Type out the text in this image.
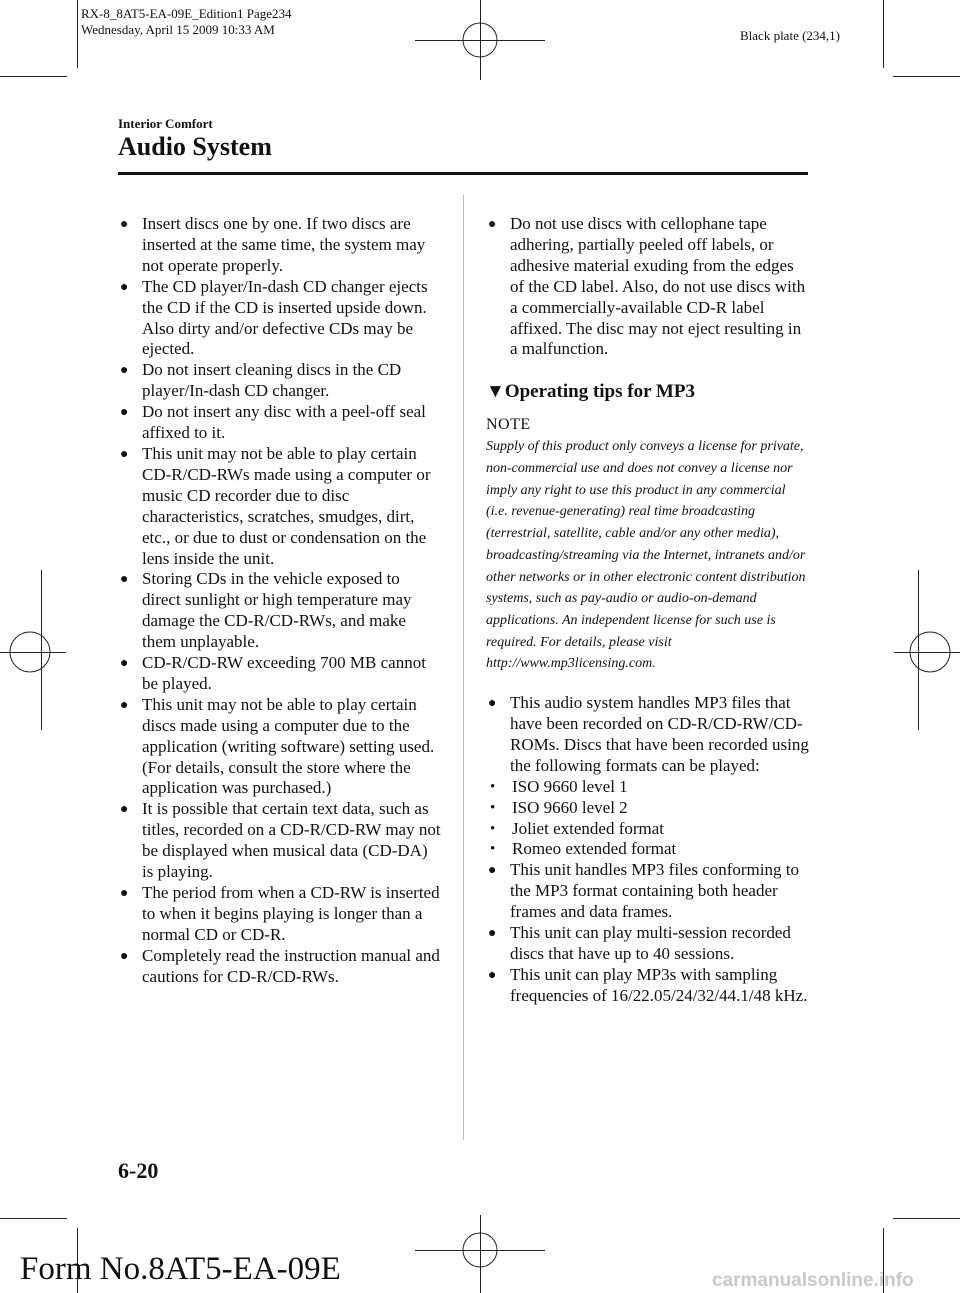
RX-8_8AT5-EA-09E_Edition1 Page234
Wednesday, April 15 2009 10:33 AM	Black plate (234,1)
Interior Comfort
Audio System
● Insert discs one by one. If two discs are inserted at the same time, the system may not operate properly.
● The CD player/In-dash CD changer ejects the CD if the CD is inserted upside down. Also dirty and/or defective CDs may be ejected.
● Do not insert cleaning discs in the CD player/In-dash CD changer.
● Do not insert any disc with a peel-off seal affixed to it.
● This unit may not be able to play certain CD-R/CD-RWs made using a computer or music CD recorder due to disc characteristics, scratches, smudges, dirt, etc., or due to dust or condensation on the lens inside the unit.
● Storing CDs in the vehicle exposed to direct sunlight or high temperature may damage the CD-R/CD-RWs, and make them unplayable.
● CD-R/CD-RW exceeding 700 MB cannot be played.
● This unit may not be able to play certain discs made using a computer due to the application (writing software) setting used. (For details, consult the store where the application was purchased.)
● It is possible that certain text data, such as titles, recorded on a CD-R/CD-RW may not be displayed when musical data (CD-DA) is playing.
● The period from when a CD-RW is inserted to when it begins playing is longer than a normal CD or CD-R.
● Completely read the instruction manual and cautions for CD-R/CD-RWs.
● Do not use discs with cellophane tape adhering, partially peeled off labels, or adhesive material exuding from the edges of the CD label. Also, do not use discs with a commercially-available CD-R label affixed. The disc may not eject resulting in a malfunction.
▼Operating tips for MP3
NOTE
Supply of this product only conveys a license for private, non-commercial use and does not convey a license nor imply any right to use this product in any commercial (i.e. revenue-generating) real time broadcasting (terrestrial, satellite, cable and/or any other media), broadcasting/streaming via the Internet, intranets and/or other networks or in other electronic content distribution systems, such as pay-audio or audio-on-demand applications. An independent license for such use is required. For details, please visit http://www.mp3licensing.com.
● This audio system handles MP3 files that have been recorded on CD-R/CD-RW/CD-ROMs. Discs that have been recorded using the following formats can be played:
• ISO 9660 level 1
• ISO 9660 level 2
• Joliet extended format
• Romeo extended format
● This unit handles MP3 files conforming to the MP3 format containing both header frames and data frames.
● This unit can play multi-session recorded discs that have up to 40 sessions.
● This unit can play MP3s with sampling frequencies of 16/22.05/24/32/44.1/48 kHz.
6-20
Form No.8AT5-EA-09E	carmanualsonline.info
